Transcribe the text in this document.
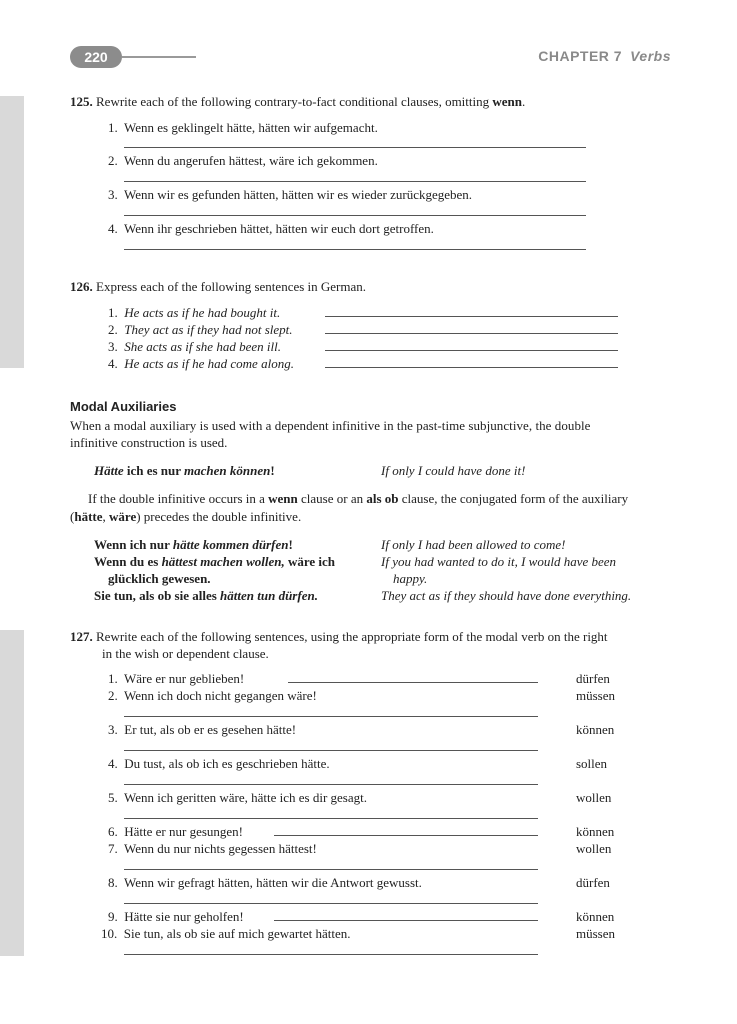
220	CHAPTER 7 Verbs
125. Rewrite each of the following contrary-to-fact conditional clauses, omitting wenn.
1. Wenn es geklingelt hätte, hätten wir aufgemacht.
2. Wenn du angerufen hättest, wäre ich gekommen.
3. Wenn wir es gefunden hätten, hätten wir es wieder zurückgegeben.
4. Wenn ihr geschrieben hättet, hätten wir euch dort getroffen.
126. Express each of the following sentences in German.
1. He acts as if he had bought it.
2. They act as if they had not slept.
3. She acts as if she had been ill.
4. He acts as if he had come along.
Modal Auxiliaries
When a modal auxiliary is used with a dependent infinitive in the past-time subjunctive, the double
infinitive construction is used.
Hätte ich es nur machen können!	If only I could have done it!
If the double infinitive occurs in a wenn clause or an als ob clause, the conjugated form of the auxiliary
(hätte, wäre) precedes the double infinitive.
Wenn ich nur hätte kommen dürfen!	If only I had been allowed to come!
Wenn du es hättest machen wollen, wäre ich	If you had wanted to do it, I would have been
glücklich gewesen.	happy.
Sie tun, als ob sie alles hätten tun dürfen.	They act as if they should have done everything.
127. Rewrite each of the following sentences, using the appropriate form of the modal verb on the right
in the wish or dependent clause.
1. Wäre er nur geblieben!	dürfen
2. Wenn ich doch nicht gegangen wäre!	müssen
3. Er tut, als ob er es gesehen hätte!	können
4. Du tust, als ob ich es geschrieben hätte.	sollen
5. Wenn ich geritten wäre, hätte ich es dir gesagt.	wollen
6. Hätte er nur gesungen!	können
7. Wenn du nur nichts gegessen hättest!	wollen
8. Wenn wir gefragt hätten, hätten wir die Antwort gewusst.	dürfen
9. Hätte sie nur geholfen!	können
10. Sie tun, als ob sie auf mich gewartet hätten.	müssen
